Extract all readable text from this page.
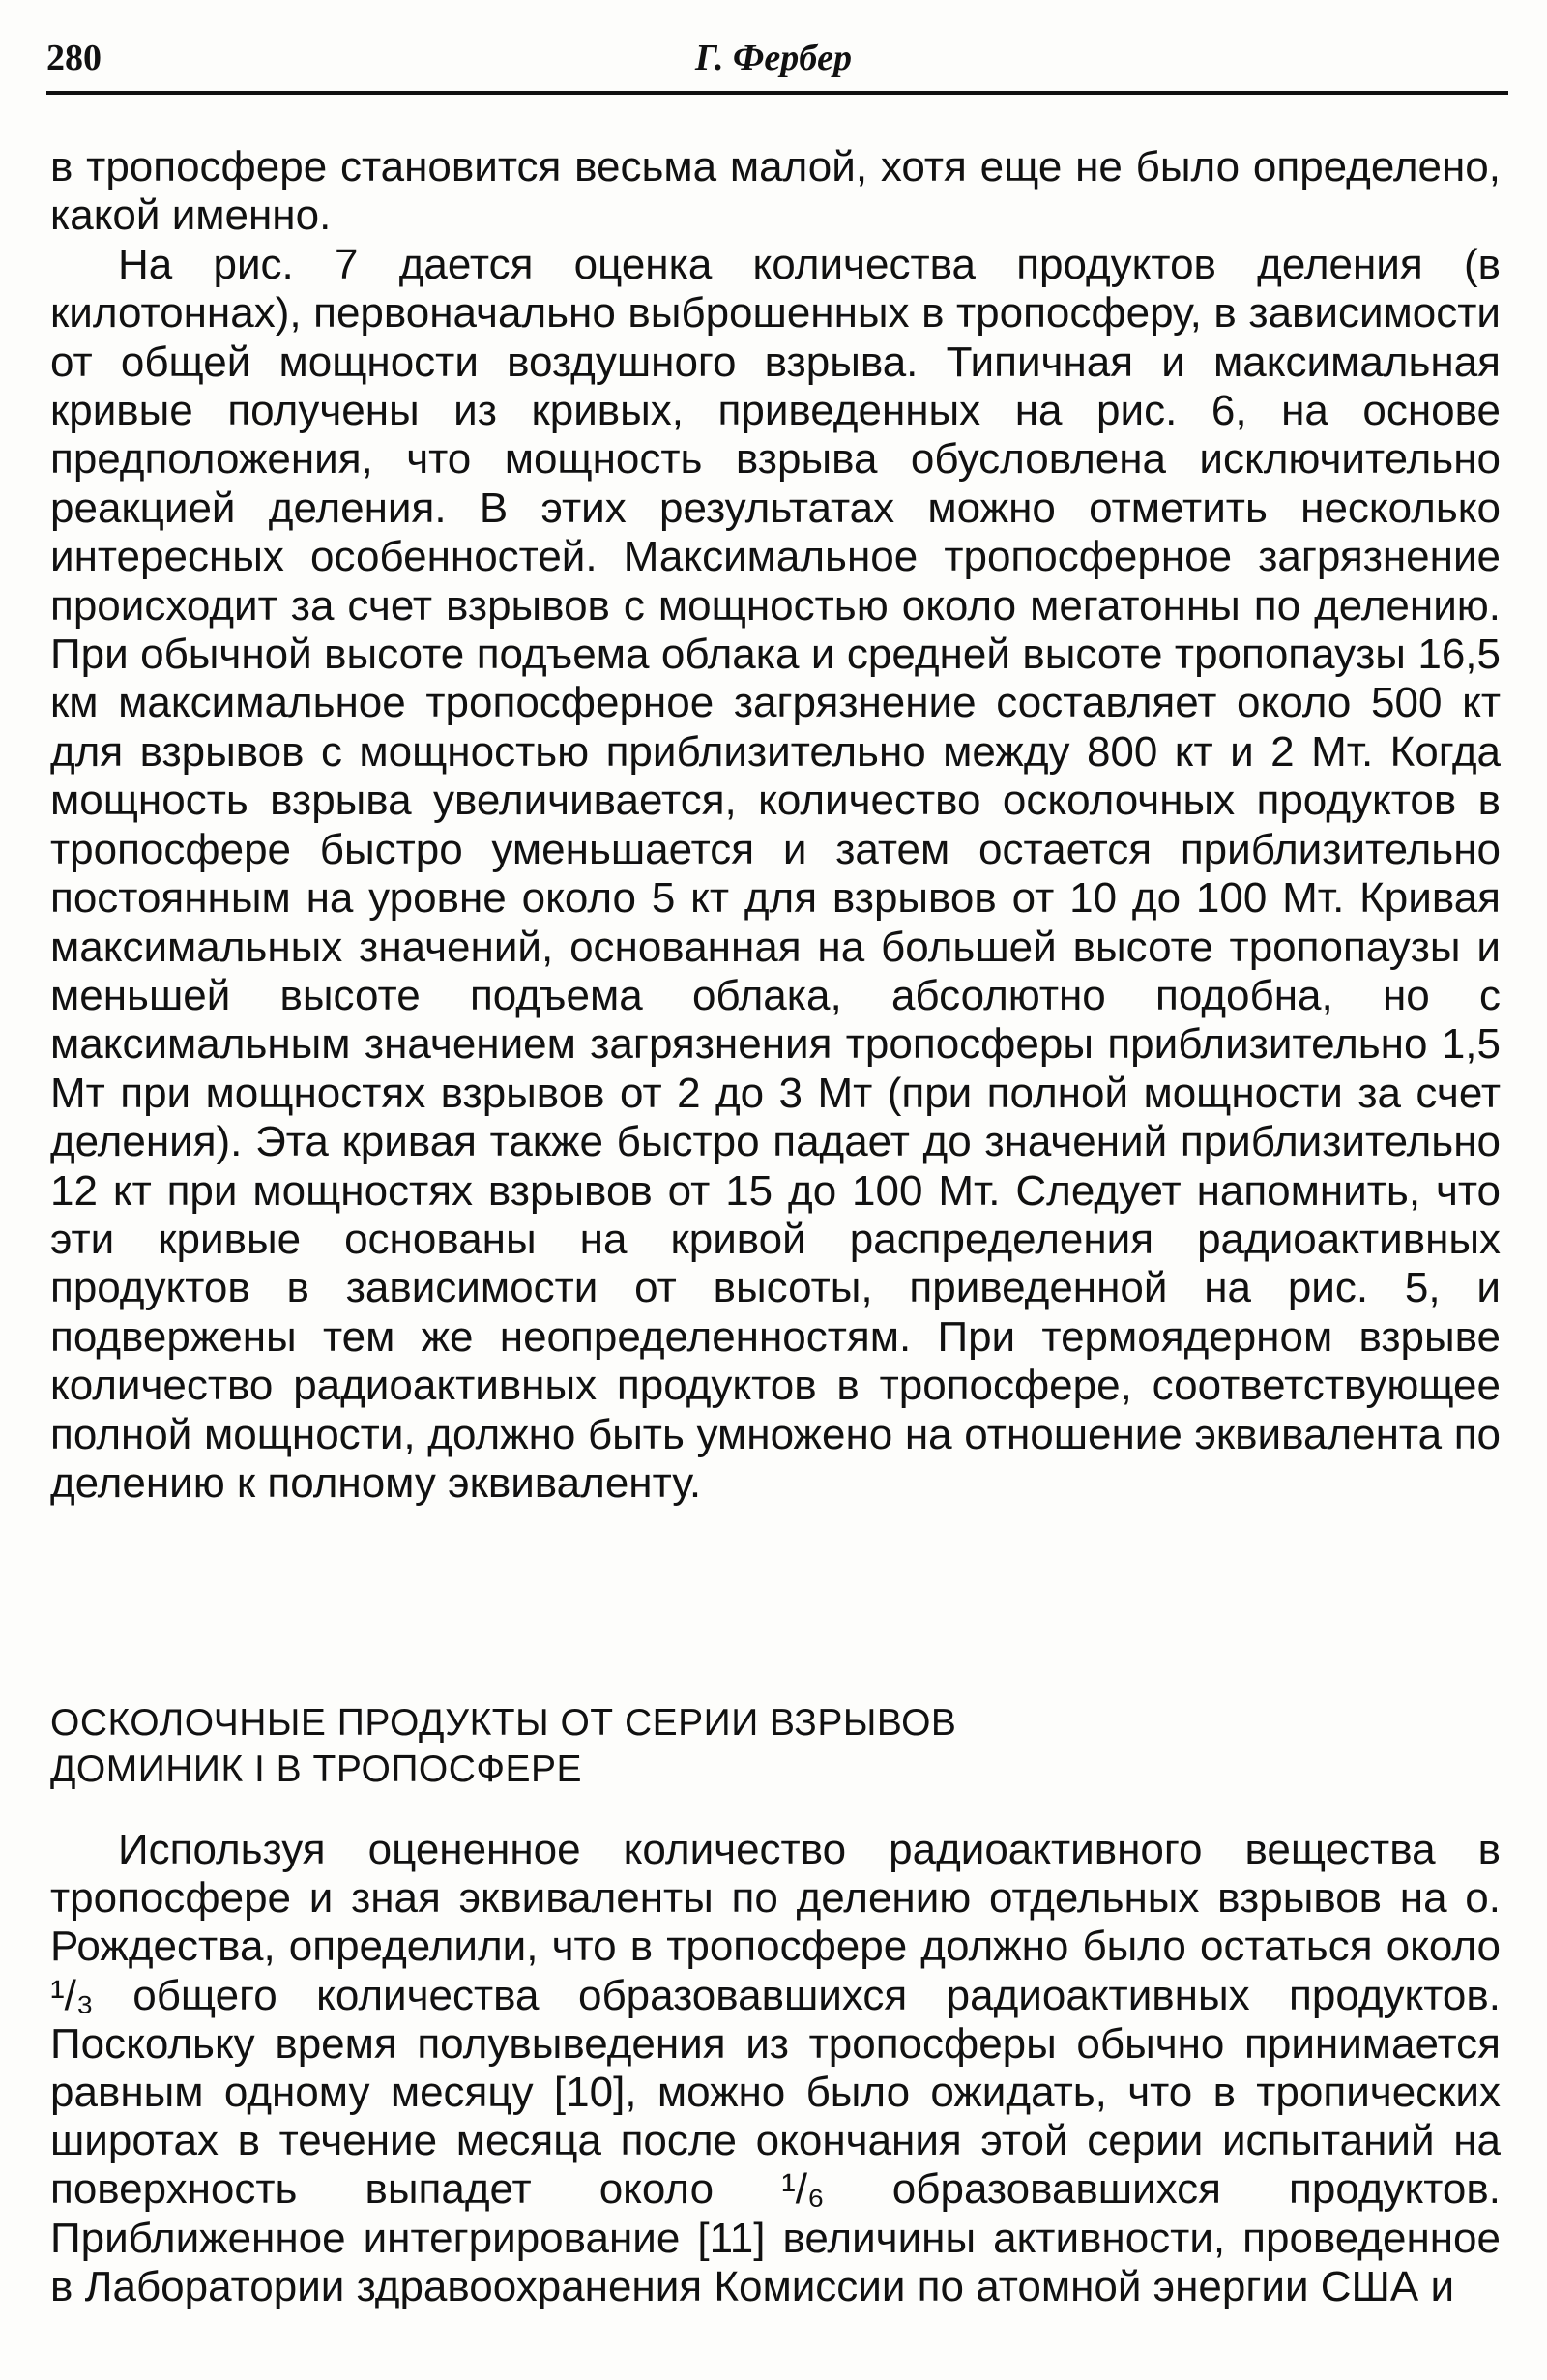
280	Г. Фербер

в тропосфере становится весьма малой, хотя еще не было определено, какой именно.

На рис. 7 дается оценка количества продуктов деления (в килотоннах), первоначально выброшенных в тропосферу, в зависимости от общей мощности воздушного взрыва. Типичная и максимальная кривые получены из кривых, приведенных на рис. 6, на основе предположения, что мощность взрыва обусловлена исключительно реакцией деления. В этих результатах можно отметить несколько интересных особенностей. Максимальное тропосферное загрязнение происходит за счет взрывов с мощностью около мегатонны по делению. При обычной высоте подъема облака и средней высоте тропопаузы 16,5 км максимальное тропосферное загрязнение составляет около 500 кт для взрывов с мощностью приблизительно между 800 кт и 2 Мт. Когда мощность взрыва увеличивается, количество осколочных продуктов в тропосфере быстро уменьшается и затем остается приблизительно постоянным на уровне около 5 кт для взрывов от 10 до 100 Мт. Кривая максимальных значений, основанная на большей высоте тропопаузы и меньшей высоте подъема облака, абсолютно подобна, но с максимальным значением загрязнения тропосферы приблизительно 1,5 Мт при мощностях взрывов от 2 до 3 Мт (при полной мощности за счет деления). Эта кривая также быстро падает до значений приблизительно 12 кт при мощностях взрывов от 15 до 100 Мт. Следует напомнить, что эти кривые основаны на кривой распределения радиоактивных продуктов в зависимости от высоты, приведенной на рис. 5, и подвержены тем же неопределенностям. При термоядерном взрыве количество радиоактивных продуктов в тропосфере, соответствующее полной мощности, должно быть умножено на отношение эквивалента по делению к полному эквиваленту.

ОСКОЛОЧНЫЕ ПРОДУКТЫ ОТ СЕРИИ ВЗРЫВОВ
ДОМИНИК I В ТРОПОСФЕРЕ

Используя оцененное количество радиоактивного вещества в тропосфере и зная эквиваленты по делению отдельных взрывов на о. Рождества, определили, что в тропосфере должно было остаться около ¹/₃ общего количества образовавшихся радиоактивных продуктов. Поскольку время полувыведения из тропосферы обычно принимается равным одному месяцу [10], можно было ожидать, что в тропических широтах в течение месяца после окончания этой серии испытаний на поверхность выпадет около ¹/₆ образовавшихся продуктов. Приближенное интегрирование [11] величины активности, проведенное в Лаборатории здравоохранения Комиссии по атомной энергии США и
